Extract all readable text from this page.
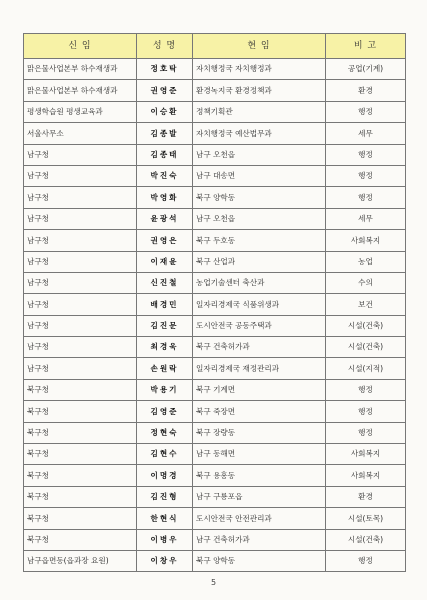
신 임	성 명	현 임	비 고
맑은물사업본부 하수재생과	정호탁	자치행정국 자치행정과	공업(기계)
맑은물사업본부 하수재생과	권영준	환경녹지국 환경정책과	환경
평생학습원 평생교육과	이승환	정책기획관	행정
서울사무소	김종발	자치행정국 예산법무과	세무
남구청	김종태	남구 오천읍	행정
남구청	박진숙	남구 대송면	행정
남구청	박영화	북구 양학동	행정
남구청	윤광석	남구 오천읍	세무
남구청	권영은	북구 두호동	사회복지
남구청	이재윤	북구 산업과	농업
남구청	신진철	농업기술센터 축산과	수의
남구청	배경민	일자리경제국 식품위생과	보건
남구청	김진문	도시안전국 공동주택과	시설(건축)
남구청	최경욱	북구 건축허가과	시설(건축)
남구청	손원락	일자리경제국 재정관리과	시설(지적)
북구청	박용기	북구 기계면	행정
북구청	김영준	북구 죽장면	행정
북구청	정현숙	북구 장량동	행정
북구청	김현수	남구 동해면	사회복지
북구청	이명경	북구 용흥동	사회복지
북구청	김진형	남구 구룡포읍	환경
북구청	한현식	도시안전국 안전관리과	시설(토목)
북구청	이병우	남구 건축허가과	시설(건축)
남구읍면동(읍과장 요원)	이창우	북구 양학동	행정
5
